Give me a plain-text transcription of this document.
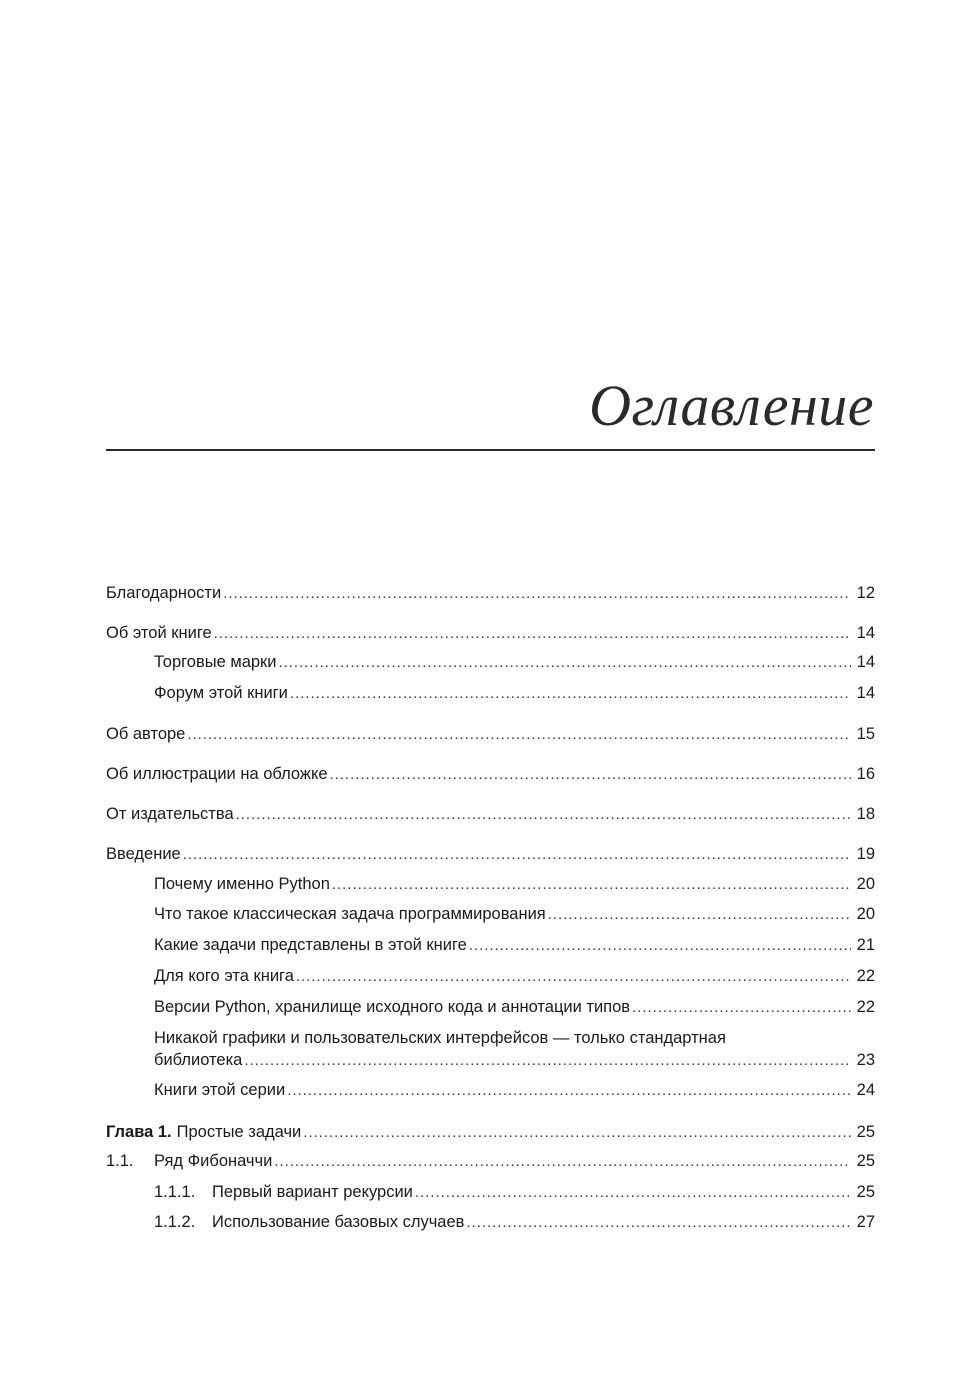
Оглавление
Благодарности . . .	12
Об этой книге . . .	14
Торговые марки . . .	14
Форум этой книги . . .	14
Об авторе . . .	15
Об иллюстрации на обложке . . .	16
От издательства . . .	18
Введение . . .	19
Почему именно Python . . .	20
Что такое классическая задача программирования . . .	20
Какие задачи представлены в этой книге . . .	21
Для кого эта книга . . .	22
Версии Python, хранилище исходного кода и аннотации типов . . .	22
Никакой графики и пользовательских интерфейсов — только стандартная
библиотека . . .	23
Книги этой серии . . .	24
Глава 1. Простые задачи . . .	25
1.1.	Ряд Фибоначчи . . .	25
1.1.1.	Первый вариант рекурсии . . .	25
1.1.2.	Использование базовых случаев . . .	27
